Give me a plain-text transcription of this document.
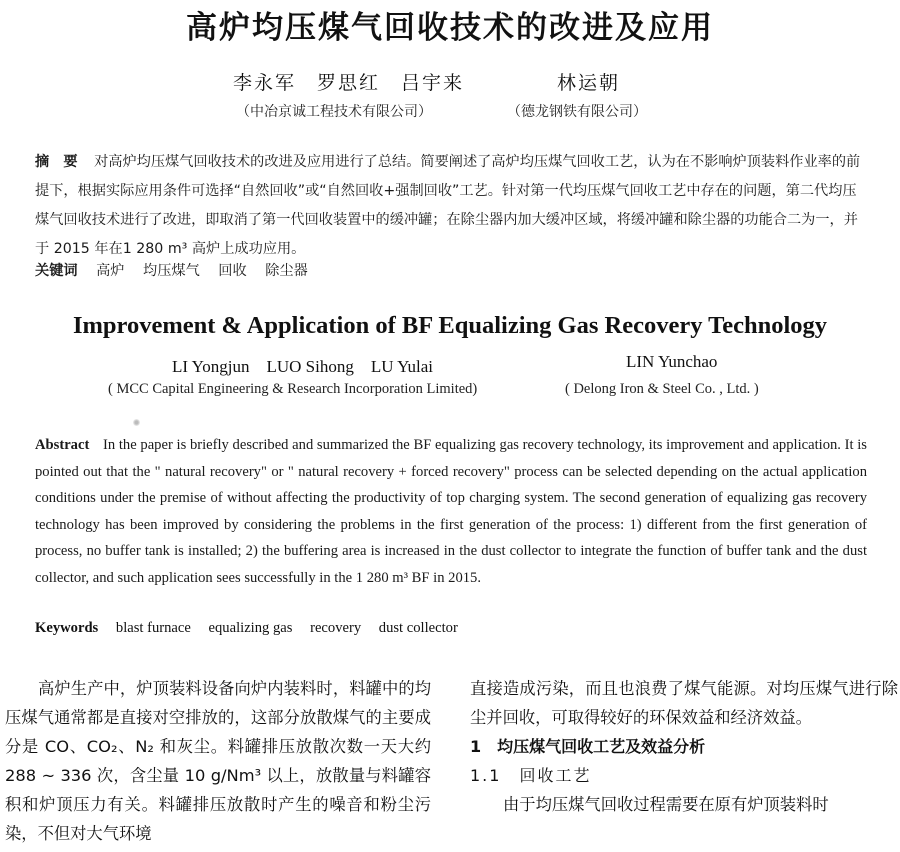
高炉均压煤气回收技术的改进及应用
李永军　罗思红　吕宇来	林运朝
（中冶京诚工程技术有限公司）	（德龙钢铁有限公司）
摘　要 对高炉均压煤气回收技术的改进及应用进行了总结。简要阐述了高炉均压煤气回收工艺，认为在不影响炉顶装料作业率的前提下，根据实际应用条件可选择“自然回收”或“自然回收+强制回收”工艺。针对第一代均压煤气回收工艺中存在的问题，第二代均压煤气回收技术进行了改进，即取消了第一代回收装置中的缓冲罐；在除尘器内加大缓冲区域，将缓冲罐和除尘器的功能合二为一，并于 2015 年在1 280 m³ 高炉上成功应用。
关键词 高炉 均压煤气 回收 除尘器
Improvement & Application of BF Equalizing Gas Recovery Technology
LI Yongjun　LUO Sihong　LU Yulai	LIN Yunchao
( MCC Capital Engineering & Research Incorporation Limited)	( Delong Iron & Steel Co. , Ltd. )
Abstract In the paper is briefly described and summarized the BF equalizing gas recovery technology, its improvement and application. It is pointed out that the " natural recovery" or " natural recovery + forced recovery" process can be selected depending on the actual application conditions under the premise of without affecting the productivity of top charging system. The second generation of equalizing gas recovery technology has been improved by considering the problems in the first generation of the process: 1) different from the first generation of process, no buffer tank is installed; 2) the buffering area is increased in the dust collector to integrate the function of buffer tank and the dust collector, and such application sees successfully in the 1 280 m³ BF in 2015.
Keywords blast furnace equalizing gas recovery dust collector
高炉生产中，炉顶装料设备向炉内装料时，料罐中的均压煤气通常都是直接对空排放的，这部分放散煤气的主要成分是 CO、CO₂、N₂ 和灰尘。料罐排压放散次数一天大约 288 ~ 336 次，含尘量 10 g/Nm³ 以上，放散量与料罐容积和炉顶压力有关。料罐排压放散时产生的噪音和粉尘污染，不但对大气环境
直接造成污染，而且也浪费了煤气能源。对均压煤气进行除尘并回收，可取得较好的环保效益和经济效益。
1　均压煤气回收工艺及效益分析
1.1　回收工艺
由于均压煤气回收过程需要在原有炉顶装料时
